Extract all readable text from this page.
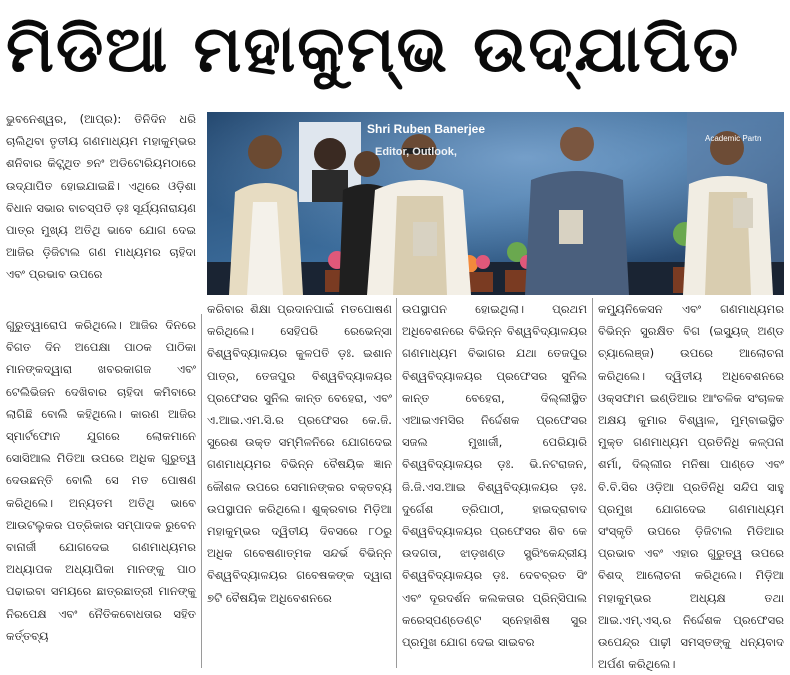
ମିଡିଆ ମହାକୁମ୍ଭ ଉଦ୍‌ଯାପିତ

ଭୁବନେଶ୍ୱର, (ଆପ୍ର): ତିନିଦିନ ଧରି ଚାଲିଥିବା ତୃତୀୟ ଗଣମାଧ୍ୟମ ମହାକୁମ୍ଭର ଶନିବାର କିଟ୍ସ୍ଥିତ ୭ନଂ ଅଡିଟୋରିୟମଠାରେ ଉଦ୍‌ଯାପିତ ହୋଇଯାଇଛି। ଏଥିରେ ଓଡ଼ିଶା ବିଧାନ ସଭାର ବାଚସ୍ପତି ଡ଼ଃ ସୂର୍ଯ୍ୟନାରାୟଣ ପାତ୍ର ମୁଖ୍ୟ ଅତିଥି ଭାବେ ଯୋଗ ଦେଇ ଆଜିର ଡ଼ିଜିଟାଲ ଗଣ ମାଧ୍ୟମର ଚାହିଦା ଏବଂ ପ୍ରଭାବ ଉପରେ

Shri Ruben Banerjee
Editor, Outlook,
Academic Partn

ଗୁରୁତ୍ୱାରୋପ କରିଥିଲେ। ଆଜିର ଦିନରେ ବିଗତ ଦିନ ଅପେକ୍ଷା ପାଠକ ପାଠିକା ମାନଙ୍କଦ୍ୱାରା ଖବରକାଗଜ ଏବଂ ଟେଲିଭିଜନ ଦେଖିବାର ଚାହିଦା କମିବାରେ ଲାଗିଛି ବୋଲି କହିଥିଲେ। କାରଣ ଆଜିର ସ୍ମାର୍ଟଫୋନ ଯୁଗରେ ଲୋକମାନେ ସୋସିଆଲ ମିଡିଆ ଉପରେ ଅଧିକ ଗୁରୁତ୍ୱ ଦେଉଛନ୍ତି ବୋଲି ସେ ମତ ପୋଷଣ କରିଥିଲେ। ଅନ୍ୟତମ ଅତିଥି ଭାବେ ଆଉଟଲୁକର ପତ୍ରିକାର ସମ୍ପାଦକ ରୁବେନ ବାନାର୍ଜୀ ଯୋଗଦେଇ ଗଣମାଧ୍ୟମର ଅଧ୍ୟାପକ ଅଧ୍ୟାପିକା ମାନଙ୍କୁ ପାଠ ପଢାଇବା ସମୟରେ ଛାତ୍ରଛାତ୍ରୀ ମାନଙ୍କୁ ନିରପେକ୍ଷ ଏବଂ ନୈତିକବୋଧତାର ସହିତ କର୍ତ୍ତବ୍ୟ

କରିବାର ଶିକ୍ଷା ପ୍ରଦାନପାଇଁ ମତପୋଷଣ କରିଥିଲେ। ସେହିପରି ରେଭେନ୍ସା ବିଶ୍ୱବିଦ୍ୟାଳୟର କୁଳପତି ଡ଼ଃ. ଇଶାନ ପାତ୍ର, ତେଜପୁର ବିଶ୍ୱବିଦ୍ୟାଳୟର ପ୍ରଫେସର ସୁନିଲ କାନ୍ତ ବେହେରା, ଏବଂ ଏ.ଆଇ.ଏମ.ସି.ର ପ୍ରଫେସର କେ.ଜି. ସୁରେଶ ଉକ୍ତ ସମ୍ମିଳନିରେ ଯୋଗଦେଇ ଗଣମାଧ୍ୟମର ବିଭିନ୍ନ ବୈଷୟିକ ଜ୍ଞାନ କୌଶଳ ଉପରେ ସେମାନଙ୍କର ବକ୍ତବ୍ୟ ଉପସ୍ଥାପନ କରିଥିଲେ। ଶୁକ୍ରବାର ମିଡ଼ିଆ ମହାକୁମ୍ଭର ଦ୍ୱିତୀୟ ଦିବସରେ ୮୦ରୁ ଅଧିକ ଗବେଷଣାତ୍ମକ ସନ୍ଦର୍ଭ ବିଭିନ୍ନ ବିଶ୍ୱବିଦ୍ୟାଳୟର ଗବେଷକଙ୍କ ଦ୍ୱାରା ୭ଟି ବୈଷୟିକ ଅଧିବେଶନରେ

ଉପସ୍ଥାପନ ହୋଇଥିଲା। ପ୍ରଥମ ଅଧିବେଶନରେ ବିଭିନ୍ନ ବିଶ୍ୱବିଦ୍ୟାଳୟର ଗଣମାଧ୍ୟମ ବିଭାଗର ଯଥା ତେଜପୁର ବିଶ୍ୱବିଦ୍ୟାଳୟର ପ୍ରଫେସର ସୁନିଲ କାନ୍ତ ବେହେରା, ଦିଲ୍ଲୀସ୍ଥିତ ଏଆଇଏମସିର ନିର୍ଦ୍ଦେଶକ ପ୍ରଫେସର ସଜଲ ମୁଖାର୍ଜୀ, ପେରିୟାରି ବିଶ୍ୱବିଦ୍ୟାଳୟର ଡ଼ଃ. ଭି.ନଟରାଜନ, ଜି.ଜି.ଏସ.ଆଇ ବିଶ୍ୱବିଦ୍ୟାଳୟର ଡ଼ଃ. ଦୁର୍ଗେଶ ତ୍ରିପାଠୀ, ହାଇଦ୍ରାବାଦ ବିଶ୍ୱବିଦ୍ୟାଳୟର ପ୍ରଫେସର ଶିବ କେ ଉଦଗତା, ଝାଡ଼ଖଣ୍ଡ ସ୍ପ୍ରିଂକେନ୍ଦ୍ରୀୟ ବିଶ୍ୱବିଦ୍ୟାଳୟର ଡ଼ଃ. ଦେବବ୍ରତ ସିଂ ଏବଂ ଦୂରଦର୍ଶନ କଲକତାର ପ୍ରିନ୍ସିପାଲ କରେସ୍ପଣ୍ଡେଣ୍ଟ ସ୍ନେହାଶିଷ ସୁର ପ୍ରମୁଖ ଯୋଗ ଦେଇ ସାଇବର

କମ୍ୟୁନିକେସନ ଏବଂ ଗଣମାଧ୍ୟମର ବିଭିନ୍ନ ସୁରକ୍ଷିତ ବିଗ (ଇସ୍ୟୁଜ୍ ଅଣ୍ଡ ଚ୍ୟାଲେଞ୍ଜ) ଉପରେ ଆଲୋଚନା କରିଥିଲେ। ଦ୍ୱିତୀୟ ଅଧିବେଶନରେ ଓକ୍ସଫାମ ଇଣ୍ଡିଆର ଆଂଚଳିକ ସଂଚାଳକ ଅକ୍ଷୟ କୁମାର ବିଶ୍ୱାଳ, ମୁମ୍ବାଇସ୍ଥିତ ମୁକ୍ତ ଗଣମାଧ୍ୟମ ପ୍ରତିନିଧି କଳ୍ପନା ଶର୍ମା, ଦିଲ୍ଲୀର ମନିଷା ପାଣ୍ଡେ ଏବଂ ବି.ବି.ସିର ଓଡ଼ିଆ ପ୍ରତିନିଧି ସନ୍ଦିପ ସାହୁ ପ୍ରମୁଖ ଯୋଗଦେଇ ଗଣମାଧ୍ୟମ ସଂସ୍କୃତି ଉପରେ ଡ଼ିଜିଟାଲ ମିଡିଆର ପ୍ରଭାବ ଏବଂ ଏହାର ଗୁରୁତ୍ୱ ଉପରେ ବିଶଦ୍ ଆଲୋଚନା କରିଥିଲେ। ମିଡ଼ିଆ ମହାକୁମ୍ଭର ଅଧ୍ୟକ୍ଷ ତଥା ଆଇ.ଏମ୍.ଏସ୍.ର ନିର୍ଦ୍ଦେଶକ ପ୍ରଫେସର ଉପେନ୍ଦ୍ର ପାଢ଼ୀ ସମସ୍ତଙ୍କୁ ଧନ୍ୟବାଦ ଅର୍ପଣ କରିଥିଲେ।
